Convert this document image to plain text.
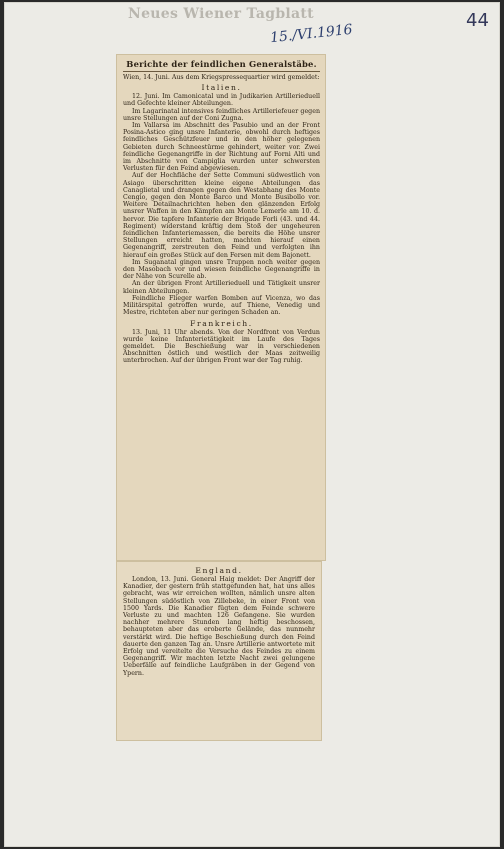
Neues Wiener Tagblatt
15./VI.1916
44
Berichte der feindlichen Generalstäbe.

Wien, 14. Juni. Aus dem Kriegspressequartier wird gemeldet:

Italien.

12. Juni. Im Camonicatal und in Judikarien Artillerieduell und Gefechte kleiner Abteilungen.

Im Lagarinatal intensives feindliches Artilleriefeuer gegen unsre Stellungen auf der Coni Zugna.

Im Vallarsa im Abschnitt des Pasubio und an der Front Posina-Astico ging unsre Infanterie, obwohl durch heftiges feindliches Geschützfeuer und in den höher gelegenen Gebieten durch Schneestürme gehindert, weiter vor. Zwei feindliche Gegenangriffe in der Richtung auf Forni Alti und im Abschnitte von Campiglia wurden unter schwersten Verlusten für den Feind abgewiesen.

Auf der Hochfläche der Sette Communi südwestlich von Asiago überschritten kleine eigene Abteilungen das Canaglietal und drangen gegen den Westabhang des Monte Cengio, gegen den Monte Barco und Monte Busibollo vor. Weitere Detailnachrichten heben den glänzenden Erfolg unsrer Waffen in den Kämpfen am Monte Lemerle am 10. d. hervor. Die tapfere Infanterie der Brigade Forli (43. und 44. Regiment) widerstand kräftig dem Stoß der ungeheuren feindlichen Infanteriemassen, die bereits die Höhe unsrer Stellungen erreicht hatten, machten hierauf einen Gegenangriff, zerstreuten den Feind und verfolgten ihn hierauf ein großes Stück auf den Fersen mit dem Bajonett.

Im Suganatal gingen unsre Truppen noch weiter gegen den Masobach vor und wiesen feindliche Gegenangriffe in der Nähe von Scurelle ab.

An der übrigen Front Artillerieduell und Tätigkeit unsrer kleinen Abteilungen.

Feindliche Flieger warfen Bomben auf Vicenza, wo das Militärspital getroffen wurde, auf Thiene, Venedig und Mestre, richteten aber nur geringen Schaden an.

Frankreich.

13. Juni, 11 Uhr abends. Von der Nordfront von Verdun wurde keine Infanterietätigkeit im Laufe des Tages gemeldet. Die Beschießung war in verschiedenen Abschnitten östlich und westlich der Maas zeitweilig unterbrochen. Auf der übrigen Front war der Tag ruhig.

England.

London, 13. Juni. General Haig meldet: Der Angriff der Kanadier, der gestern früh stattgefunden hat, hat uns alles gebracht, was wir erreichen wollten, nämlich unsre alten Stellungen südöstlich von Zillebeke, in einer Front von 1500 Yards. Die Kanadier fügten dem Feinde schwere Verluste zu und machten 126 Gefangene. Sie wurden nachher mehrere Stunden lang heftig beschossen, behaupteten aber das eroberte Gelände, das nunmehr verstärkt wird. Die heftige Beschießung durch den Feind dauerte den ganzen Tag an. Unsre Artillerie antwortete mit Erfolg und vereitelte die Versuche des Feindes zu einem Gegenangriff. Wir machten letzte Nacht zwei gelungene Ueberfälle auf feindliche Laufgräben in der Gegend von Ypern.
